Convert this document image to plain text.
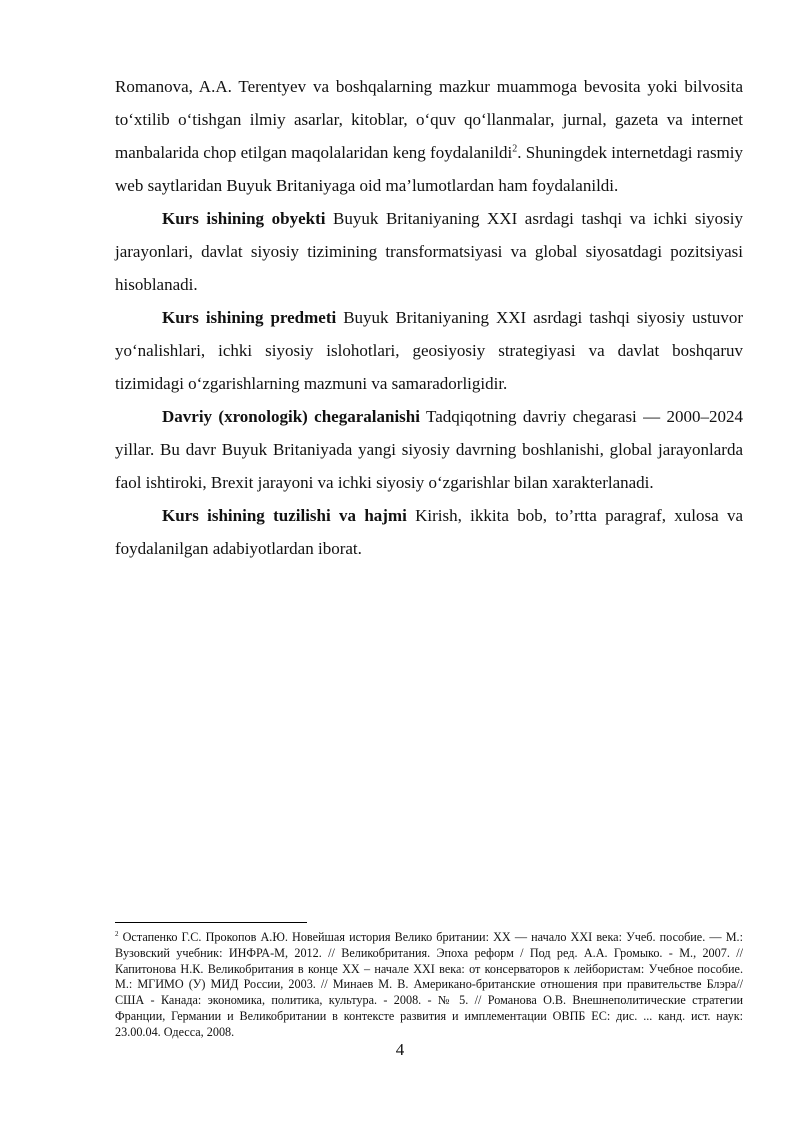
Romanova, A.A. Terentyev va boshqalarning mazkur muammoga bevosita yoki bilvosita to‘xtilib o‘tishgan ilmiy asarlar, kitoblar, o‘quv qo‘llanmalar, jurnal, gazeta va internet manbalarida chop etilgan maqolalaridan keng foydalanildi$^2$. Shuningdek internetdagi rasmiy web saytlaridan Buyuk Britaniyaga oid ma’lumotlardan ham foydalanildi.

Kurs ishining obyekti Buyuk Britaniyaning XXI asrdagi tashqi va ichki siyosiy jarayonlari, davlat siyosiy tizimining transformatsiyasi va global siyosatdagi pozitsiyasi hisoblanadi.

Kurs ishining predmeti Buyuk Britaniyaning XXI asrdagi tashqi siyosiy ustuvor yo‘nalishlari, ichki siyosiy islohotlari, geosiyosiy strategiyasi va davlat boshqaruv tizimidagi o‘zgarishlarning mazmuni va samaradorligidir.

Davriy (xronologik) chegaralanishi Tadqiqotning davriy chegarasi — 2000–2024 yillar. Bu davr Buyuk Britaniyada yangi siyosiy davrning boshlanishi, global jarayonlarda faol ishtiroki, Brexit jarayoni va ichki siyosiy o‘zgarishlar bilan xarakterlanadi.

Kurs ishining tuzilishi va hajmi Kirish, ikkita bob, to’rtta paragraf, xulosa va foydalanilgan adabiyotlardan iborat.

$^2$ Остапенко Г.С. Прокопов А.Ю. Новейшая история Велико британии: XX — начало XXI века: Учеб. пособие. — М.: Вузовский учебник: ИНФРА-М, 2012. // Великобритания. Эпоха реформ / Под ред. А.А. Громыко. - М., 2007. // Капитонова Н.К. Великобритания в конце XX – начале XXI века: от консерваторов к лейбористам: Учебное пособие. М.: МГИМО (У) МИД России, 2003. // Минаев М. В. Американо-британские отношения при правительстве Блэра//США - Канада: экономика, политика, культура. - 2008. - № 5. // Романова О.В. Внешнеполитические стратегии Франции, Германии и Великобритании в контексте развития и имплементации ОВПБ ЕС: дис. ... канд. ист. наук: 23.00.04. Одесса, 2008.

4
